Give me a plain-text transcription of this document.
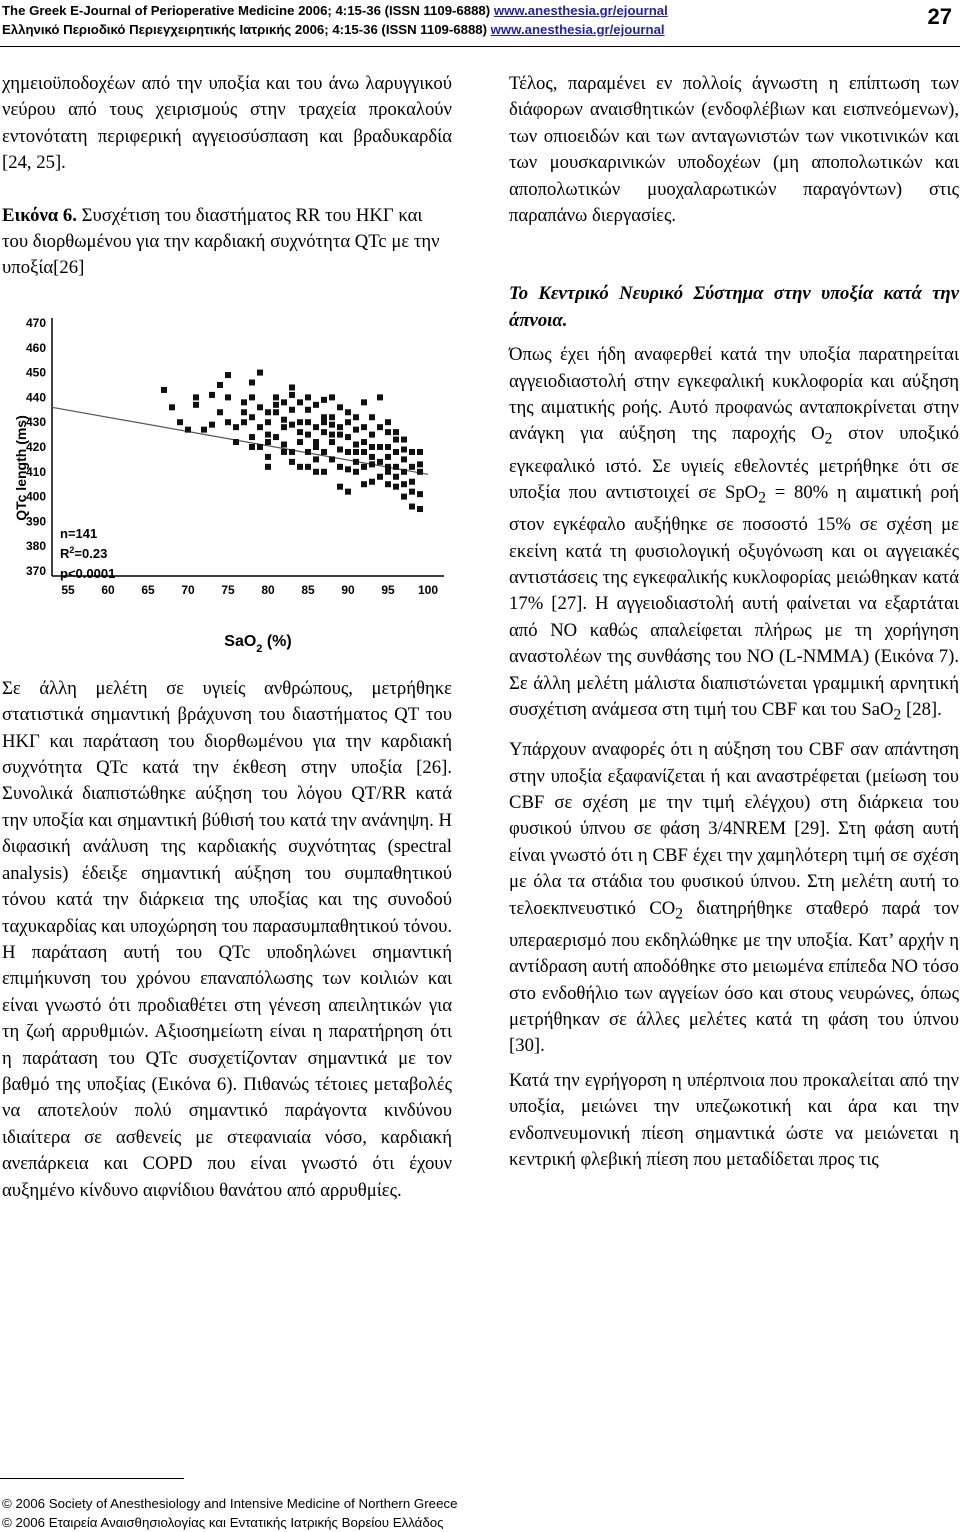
The Greek E-Journal of Perioperative Medicine 2006; 4:15-36 (ISSN 1109-6888) www.anesthesia.gr/ejournal
Ελληνικό Περιοδικό Περιεγχειρητικής Ιατρικής 2006; 4:15-36 (ISSN 1109-6888) www.anesthesia.gr/ejournal
27

χημειοϋποδοχέων από την υποξία και του άνω λαρυγγικού νεύρου από τους χειρισμούς στην τραχεία προκαλούν εντονότατη περιφερική αγγειοσύσπαση και βραδυκαρδία [24, 25].

Εικόνα 6. Συσχέτιση του διαστήματος RR του ΗΚΓ και του διορθωμένου για την καρδιακή συχνότητα QTc με την υποξία[26]

370
380
390
400
410
420
430
440
450
460
470
55 60 65 70 75 80 85 90 95 100
n=141
$R^2=0.23$
p<0.0001
QTc length (ms)
SaO$_2$ (%)

Σε άλλη μελέτη σε υγιείς ανθρώπους, μετρήθηκε στατιστικά σημαντική βράχυνση του διαστήματος QT του ΗΚΓ και παράταση του διορθωμένου για την καρδιακή συχνότητα QTc κατά την έκθεση στην υποξία [26]. Συνολικά διαπιστώθηκε αύξηση του λόγου QT/RR κατά την υποξία και σημαντική βύθισή του κατά την ανάνηψη. Η διφασική ανάλυση της καρδιακής συχνότητας (spectral analysis) έδειξε σημαντική αύξηση του συμπαθητικού τόνου κατά την διάρκεια της υποξίας και της συνοδού ταχυκαρδίας και υποχώρηση του παρασυμπαθητικού τόνου. Η παράταση αυτή του QTc υποδηλώνει σημαντική επιμήκυνση του χρόνου επαναπόλωσης των κοιλιών και είναι γνωστό ότι προδιαθέτει στη γένεση απειλητικών για τη ζωή αρρυθμιών. Αξιοσημείωτη είναι η παρατήρηση ότι η παράταση του QTc συσχετίζονταν σημαντικά με τον βαθμό της υποξίας (Εικόνα 6). Πιθανώς τέτοιες μεταβολές να αποτελούν πολύ σημαντικό παράγοντα κινδύνου ιδιαίτερα σε ασθενείς με στεφανιαία νόσο, καρδιακή ανεπάρκεια και COPD που είναι γνωστό ότι έχουν αυξημένο κίνδυνο αιφνίδιου θανάτου από αρρυθμίες.

Τέλος, παραμένει εν πολλοίς άγνωστη η επίπτωση των διάφορων αναισθητικών (ενδοφλέβιων και εισπνεόμενων), των οπιοειδών και των ανταγωνιστών των νικοτινικών και των μουσκαρινικών υποδοχέων (μη αποπολωτικών και αποπολωτικών μυοχαλαρωτικών παραγόντων) στις παραπάνω διεργασίες.

Το Κεντρικό Νευρικό Σύστημα στην υποξία κατά την άπνοια.

Όπως έχει ήδη αναφερθεί κατά την υποξία παρατηρείται αγγειοδιαστολή στην εγκεφαλική κυκλοφορία και αύξηση της αιματικής ροής. Αυτό προφανώς ανταποκρίνεται στην ανάγκη για αύξηση της παροχής $O_2$ στον υποξικό εγκεφαλικό ιστό. Σε υγιείς εθελοντές μετρήθηκε ότι σε υποξία που αντιστοιχεί σε SpO$_2$ = 80% η αιματική ροή στον εγκέφαλο αυξήθηκε σε ποσοστό 15% σε σχέση με εκείνη κατά τη φυσιολογική οξυγόνωση και οι αγγειακές αντιστάσεις της εγκεφαλικής κυκλοφορίας μειώθηκαν κατά 17% [27]. Η αγγειοδιαστολή αυτή φαίνεται να εξαρτάται από NO καθώς απαλείφεται πλήρως με τη χορήγηση αναστολέων της συνθάσης του NO (L-NMMA) (Εικόνα 7). Σε άλλη μελέτη μάλιστα διαπιστώνεται γραμμική αρνητική συσχέτιση ανάμεσα στη τιμή του CBF και του SaO$_2$ [28].

Υπάρχουν αναφορές ότι η αύξηση του CBF σαν απάντηση στην υποξία εξαφανίζεται ή και αναστρέφεται (μείωση του CBF σε σχέση με την τιμή ελέγχου) στη διάρκεια του φυσικού ύπνου σε φάση 3/4NREM [29]. Στη φάση αυτή είναι γνωστό ότι η CBF έχει την χαμηλότερη τιμή σε σχέση με όλα τα στάδια του φυσικού ύπνου. Στη μελέτη αυτή το τελοεκπνευστικό $CO_2$ διατηρήθηκε σταθερό παρά τον υπεραερισμό που εκδηλώθηκε με την υποξία. Κατ’ αρχήν η αντίδραση αυτή αποδόθηκε στο μειωμένα επίπεδα NO τόσο στο ενδοθήλιο των αγγείων όσο και στους νευρώνες, όπως μετρήθηκαν σε άλλες μελέτες κατά τη φάση του ύπνου [30].

Κατά την εγρήγορση η υπέρπνοια που προκαλείται από την υποξία, μειώνει την υπεζωκοτική και άρα και την ενδοπνευμονική πίεση σημαντικά ώστε να μειώνεται η κεντρική φλεβική πίεση που μεταδίδεται προς τις

© 2006 Society of Anesthesiology and Intensive Medicine of Northern Greece
© 2006 Εταιρεία Αναισθησιολογίας και Εντατικής Ιατρικής Βορείου Ελλάδος
